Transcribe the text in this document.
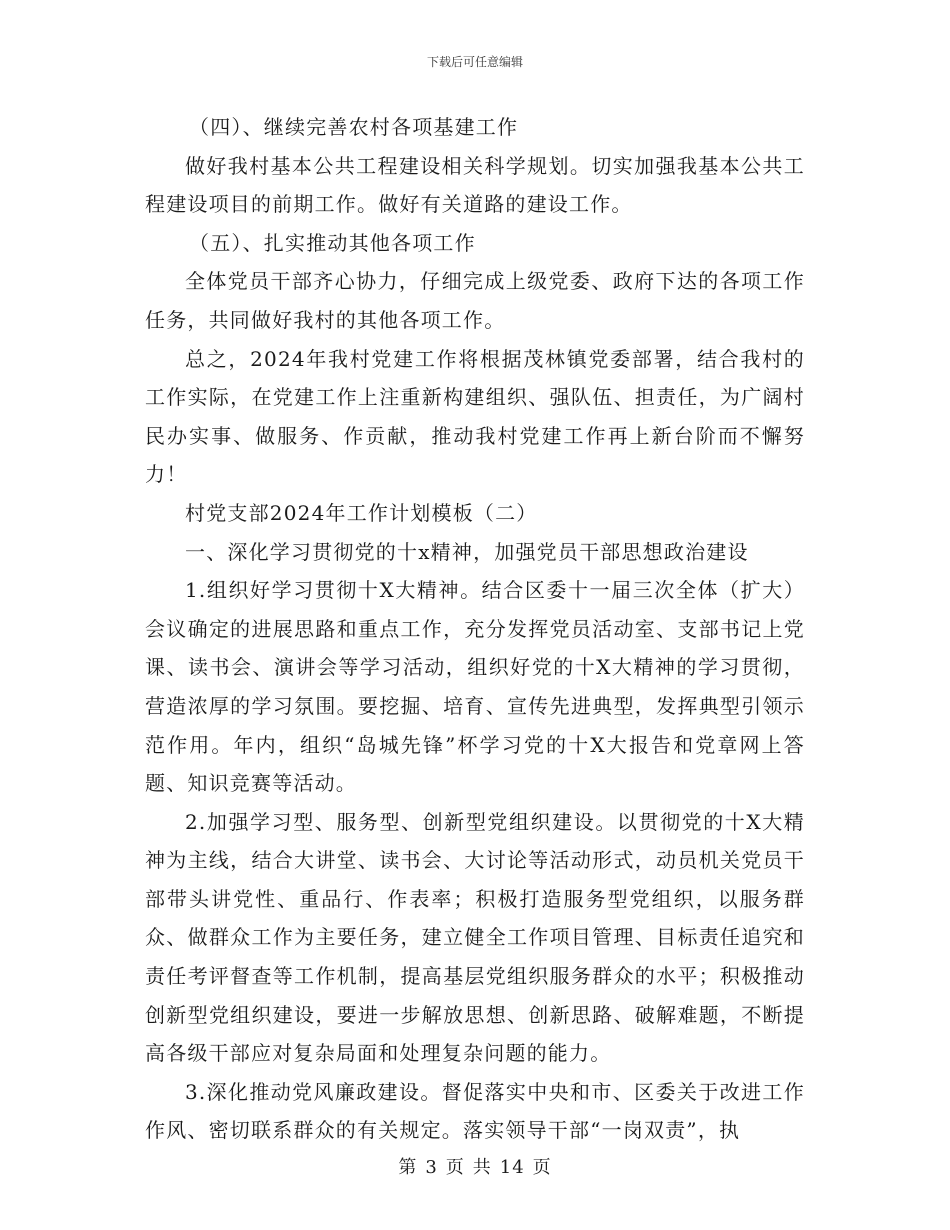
下载后可任意编辑

（四）、继续完善农村各项基建工作

做好我村基本公共工程建设相关科学规划。切实加强我基本公共工程建设项目的前期工作。做好有关道路的建设工作。

（五）、扎实推动其他各项工作

全体党员干部齐心协力，仔细完成上级党委、政府下达的各项工作任务，共同做好我村的其他各项工作。

总之，2024年我村党建工作将根据茂林镇党委部署，结合我村的工作实际，在党建工作上注重新构建组织、强队伍、担责任，为广阔村民办实事、做服务、作贡献，推动我村党建工作再上新台阶而不懈努力！

村党支部2024年工作计划模板（二）

一、深化学习贯彻党的十x精神，加强党员干部思想政治建设

1.组织好学习贯彻十X大精神。结合区委十一届三次全体（扩大）会议确定的进展思路和重点工作，充分发挥党员活动室、支部书记上党课、读书会、演讲会等学习活动，组织好党的十X大精神的学习贯彻，营造浓厚的学习氛围。要挖掘、培育、宣传先进典型，发挥典型引领示范作用。年内，组织“岛城先锋”杯学习党的十X大报告和党章网上答题、知识竞赛等活动。

2.加强学习型、服务型、创新型党组织建设。以贯彻党的十X大精神为主线，结合大讲堂、读书会、大讨论等活动形式，动员机关党员干部带头讲党性、重品行、作表率；积极打造服务型党组织，以服务群众、做群众工作为主要任务，建立健全工作项目管理、目标责任追究和责任考评督查等工作机制，提高基层党组织服务群众的水平；积极推动创新型党组织建设，要进一步解放思想、创新思路、破解难题，不断提高各级干部应对复杂局面和处理复杂问题的能力。

3.深化推动党风廉政建设。督促落实中央和市、区委关于改进工作作风、密切联系群众的有关规定。落实领导干部“一岗双责”，执

第 3 页 共 14 页
